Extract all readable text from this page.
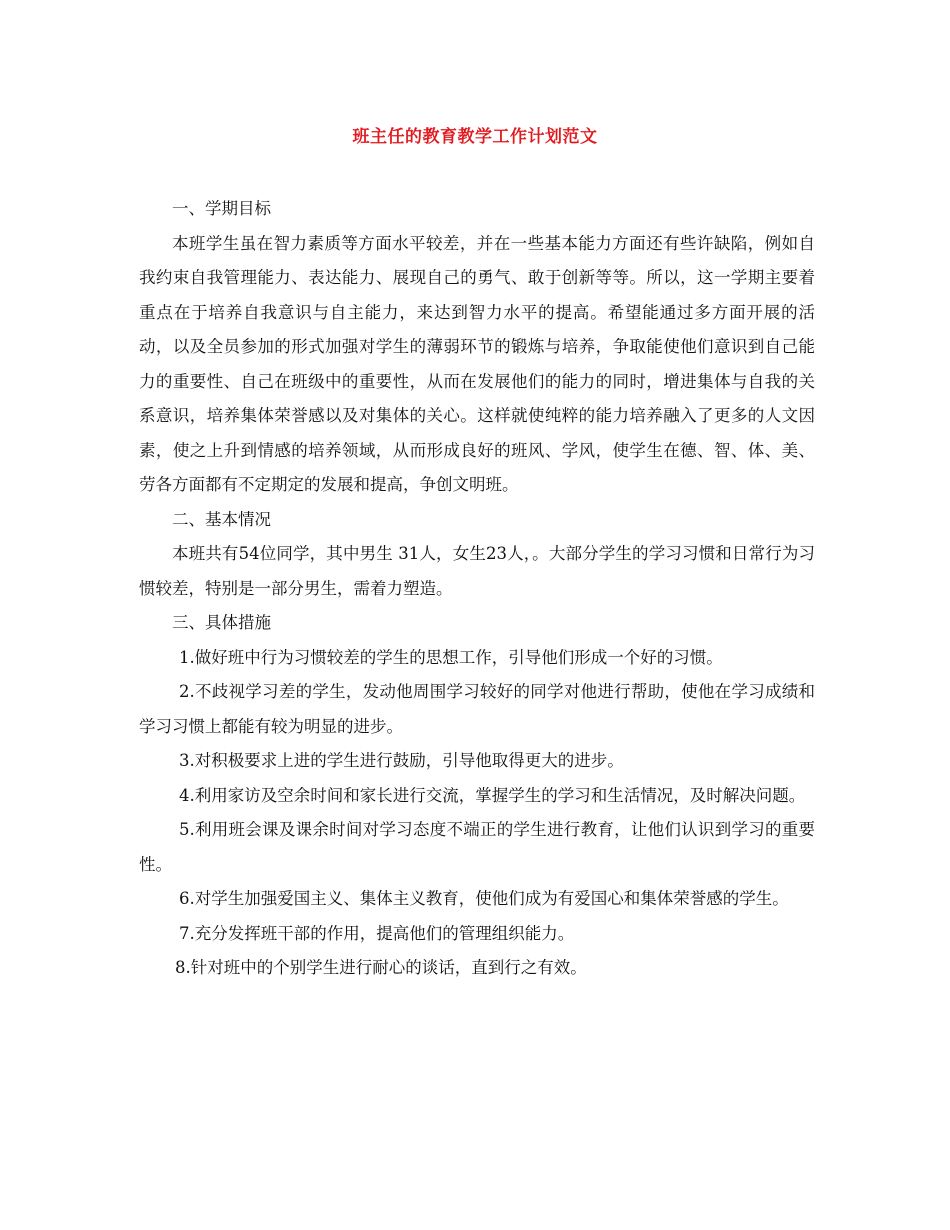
班主任的教育教学工作计划范文

一、学期目标

本班学生虽在智力素质等方面水平较差，并在一些基本能力方面还有些许缺陷，例如自我约束自我管理能力、表达能力、展现自己的勇气、敢于创新等等。所以，这一学期主要着重点在于培养自我意识与自主能力，来达到智力水平的提高。希望能通过多方面开展的活动，以及全员参加的形式加强对学生的薄弱环节的锻炼与培养，争取能使他们意识到自己能力的重要性、自己在班级中的重要性，从而在发展他们的能力的同时，增进集体与自我的关系意识，培养集体荣誉感以及对集体的关心。这样就使纯粹的能力培养融入了更多的人文因素，使之上升到情感的培养领域，从而形成良好的班风、学风，使学生在德、智、体、美、劳各方面都有不定期定的发展和提高，争创文明班。

二、基本情况

本班共有54位同学，其中男生 31人，女生23人，。大部分学生的学习习惯和日常行为习惯较差，特别是一部分男生，需着力塑造。

三、具体措施

1.做好班中行为习惯较差的学生的思想工作，引导他们形成一个好的习惯。

2.不歧视学习差的学生，发动他周围学习较好的同学对他进行帮助，使他在学习成绩和学习习惯上都能有较为明显的进步。

3.对积极要求上进的学生进行鼓励，引导他取得更大的进步。

4.利用家访及空余时间和家长进行交流，掌握学生的学习和生活情况，及时解决问题。

5.利用班会课及课余时间对学习态度不端正的学生进行教育，让他们认识到学习的重要性。

6.对学生加强爱国主义、集体主义教育，使他们成为有爱国心和集体荣誉感的学生。

7.充分发挥班干部的作用，提高他们的管理组织能力。

8.针对班中的个别学生进行耐心的谈话，直到行之有效。
